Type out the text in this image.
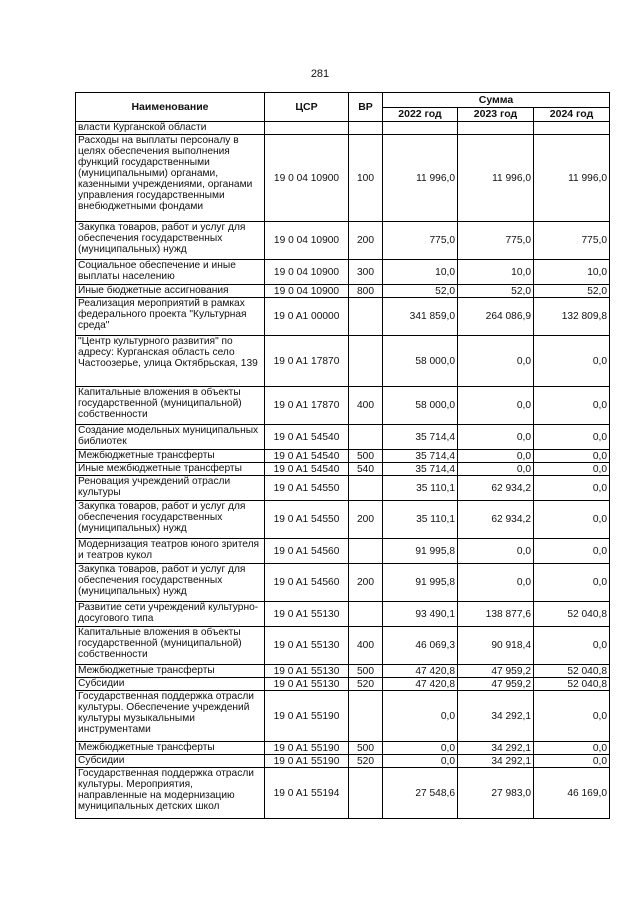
281
Наименование	ЦСР	ВР	Сумма		
			2022 год	2023 год	2024 год
власти Курганской области					
Расходы на выплаты персоналу в целях обеспечения выполнения функций государственными (муниципальными) органами, казенными учреждениями, органами управления государственными внебюджетными фондами	19 0 04 10900	100	11 996,0	11 996,0	11 996,0
Закупка товаров, работ и услуг для обеспечения государственных (муниципальных) нужд	19 0 04 10900	200	775,0	775,0	775,0
Социальное обеспечение и иные выплаты населению	19 0 04 10900	300	10,0	10,0	10,0
Иные бюджетные ассигнования	19 0 04 10900	800	52,0	52,0	52,0
Реализация мероприятий в рамках федерального проекта "Культурная среда"	19 0 A1 00000		341 859,0	264 086,9	132 809,8
"Центр культурного развития" по адресу: Курганская область село Частоозерье, улица Октябрьская, 139	19 0 A1 17870		58 000,0	0,0	0,0
Капитальные вложения в объекты государственной (муниципальной) собственности	19 0 A1 17870	400	58 000,0	0,0	0,0
Создание модельных муниципальных библиотек	19 0 A1 54540		35 714,4	0,0	0,0
Межбюджетные трансферты	19 0 A1 54540	500	35 714,4	0,0	0,0
Иные межбюджетные трансферты	19 0 A1 54540	540	35 714,4	0,0	0,0
Реновация учреждений отрасли культуры	19 0 A1 54550		35 110,1	62 934,2	0,0
Закупка товаров, работ и услуг для обеспечения государственных (муниципальных) нужд	19 0 A1 54550	200	35 110,1	62 934,2	0,0
Модернизация театров юного зрителя и театров кукол	19 0 A1 54560		91 995,8	0,0	0,0
Закупка товаров, работ и услуг для обеспечения государственных (муниципальных) нужд	19 0 A1 54560	200	91 995,8	0,0	0,0
Развитие сети учреждений культурно-досугового типа	19 0 A1 55130		93 490,1	138 877,6	52 040,8
Капитальные вложения в объекты государственной (муниципальной) собственности	19 0 A1 55130	400	46 069,3	90 918,4	0,0
Межбюджетные трансферты	19 0 A1 55130	500	47 420,8	47 959,2	52 040,8
Субсидии	19 0 A1 55130	520	47 420,8	47 959,2	52 040,8
Государственная поддержка отрасли культуры. Обеспечение учреждений культуры музыкальными инструментами	19 0 A1 55190		0,0	34 292,1	0,0
Межбюджетные трансферты	19 0 A1 55190	500	0,0	34 292,1	0,0
Субсидии	19 0 A1 55190	520	0,0	34 292,1	0,0
Государственная поддержка отрасли культуры. Мероприятия, направленные на модернизацию муниципальных детских школ	19 0 A1 55194		27 548,6	27 983,0	46 169,0
